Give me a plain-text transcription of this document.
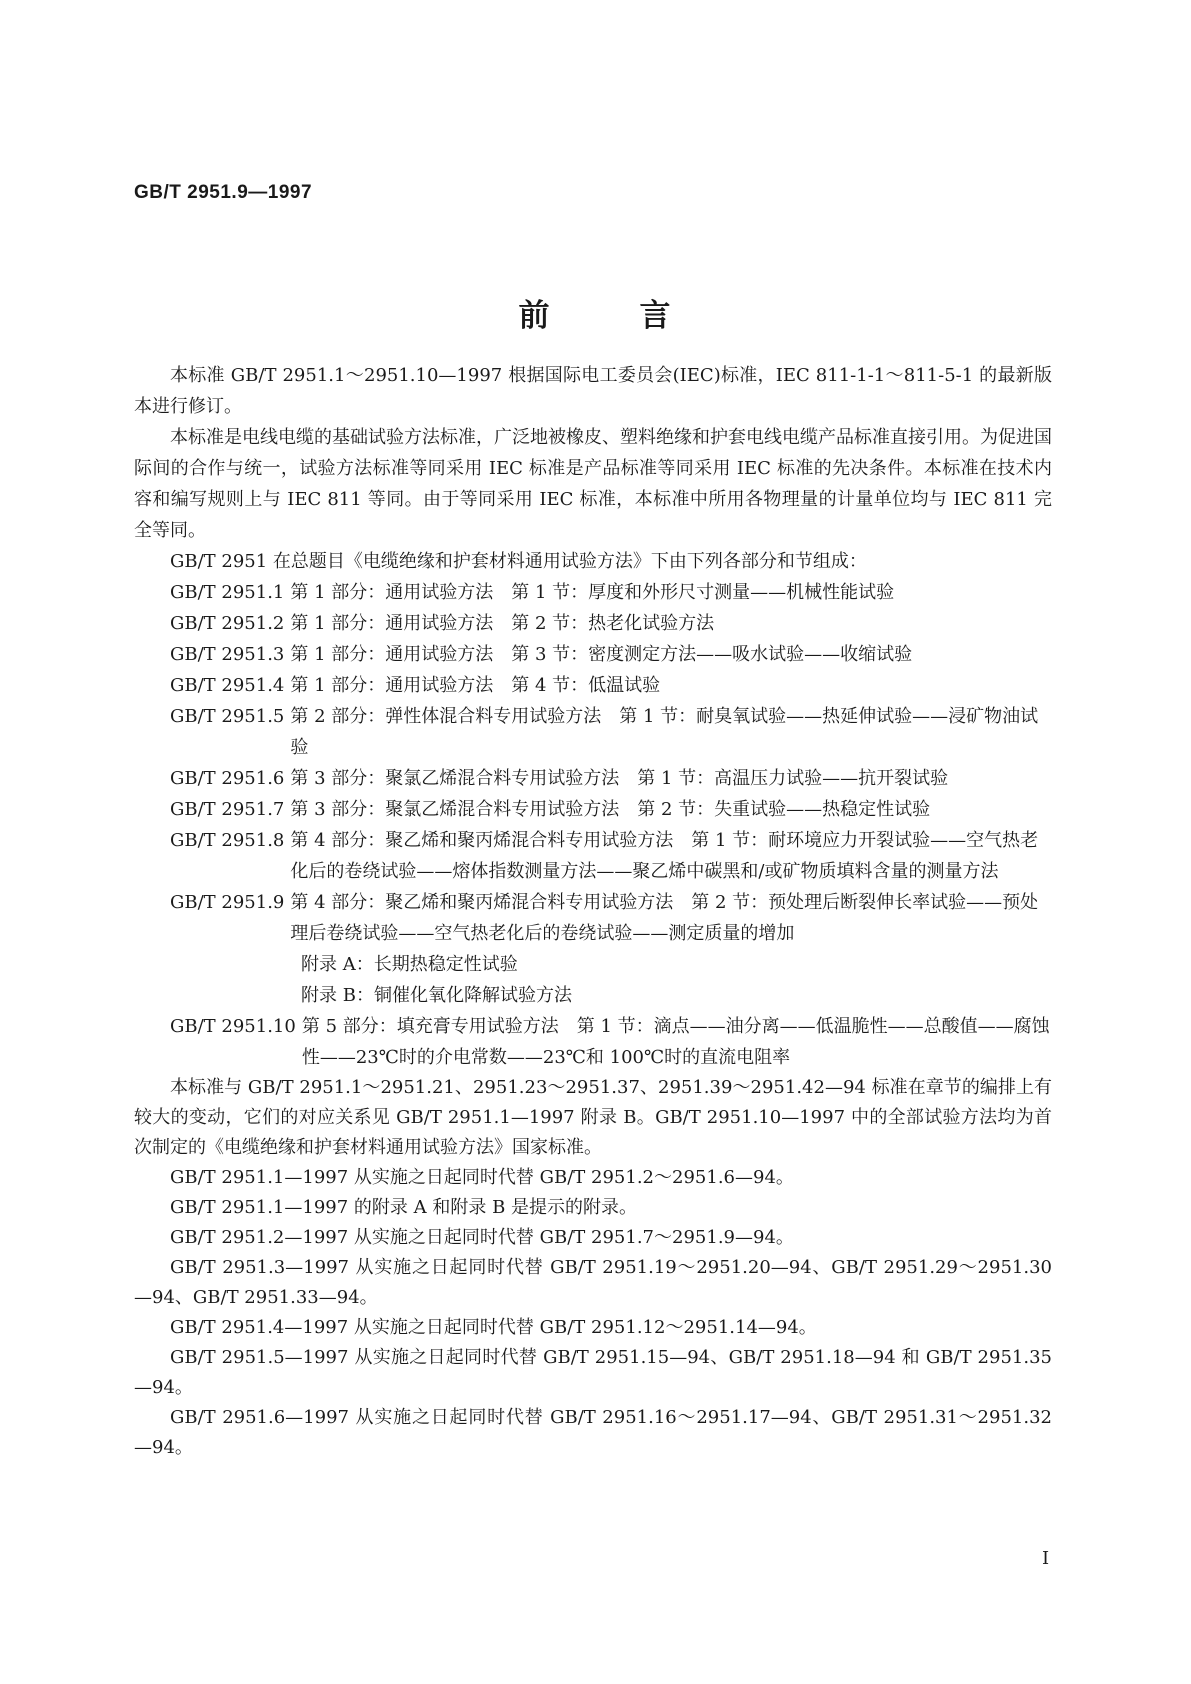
GB/T 2951.9—1997
前	言

本标准 GB/T 2951.1～2951.10—1997 根据国际电工委员会(IEC)标准，IEC 811-1-1～811-5-1 的最新版本进行修订。

本标准是电线电缆的基础试验方法标准，广泛地被橡皮、塑料绝缘和护套电线电缆产品标准直接引用。为促进国际间的合作与统一，试验方法标准等同采用 IEC 标准是产品标准等同采用 IEC 标准的先决条件。本标准在技术内容和编写规则上与 IEC 811 等同。由于等同采用 IEC 标准，本标准中所用各物理量的计量单位均与 IEC 811 完全等同。

GB/T 2951 在总题目《电缆绝缘和护套材料通用试验方法》下由下列各部分和节组成：

GB/T 2951.1 第 1 部分：通用试验方法　第 1 节：厚度和外形尺寸测量——机械性能试验
GB/T 2951.2 第 1 部分：通用试验方法　第 2 节：热老化试验方法
GB/T 2951.3 第 1 部分：通用试验方法　第 3 节：密度测定方法——吸水试验——收缩试验
GB/T 2951.4 第 1 部分：通用试验方法　第 4 节：低温试验
GB/T 2951.5 第 2 部分：弹性体混合料专用试验方法　第 1 节：耐臭氧试验——热延伸试验——浸矿物油试验
GB/T 2951.6 第 3 部分：聚氯乙烯混合料专用试验方法　第 1 节：高温压力试验——抗开裂试验
GB/T 2951.7 第 3 部分：聚氯乙烯混合料专用试验方法　第 2 节：失重试验——热稳定性试验
GB/T 2951.8 第 4 部分：聚乙烯和聚丙烯混合料专用试验方法　第 1 节：耐环境应力开裂试验——空气热老化后的卷绕试验——熔体指数测量方法——聚乙烯中碳黑和/或矿物质填料含量的测量方法
GB/T 2951.9 第 4 部分：聚乙烯和聚丙烯混合料专用试验方法　第 2 节：预处理后断裂伸长率试验——预处理后卷绕试验——空气热老化后的卷绕试验——测定质量的增加
附录 A：长期热稳定性试验
附录 B：铜催化氧化降解试验方法
GB/T 2951.10 第 5 部分：填充膏专用试验方法　第 1 节：滴点——油分离——低温脆性——总酸值——腐蚀性——23℃时的介电常数——23℃和 100℃时的直流电阻率

本标准与 GB/T 2951.1～2951.21、2951.23～2951.37、2951.39～2951.42—94 标准在章节的编排上有较大的变动，它们的对应关系见 GB/T 2951.1—1997 附录 B。GB/T 2951.10—1997 中的全部试验方法均为首次制定的《电缆绝缘和护套材料通用试验方法》国家标准。

GB/T 2951.1—1997 从实施之日起同时代替 GB/T 2951.2～2951.6—94。

GB/T 2951.1—1997 的附录 A 和附录 B 是提示的附录。

GB/T 2951.2—1997 从实施之日起同时代替 GB/T 2951.7～2951.9—94。

GB/T 2951.3—1997 从实施之日起同时代替 GB/T 2951.19～2951.20—94、GB/T 2951.29～2951.30—94、GB/T 2951.33—94。

GB/T 2951.4—1997 从实施之日起同时代替 GB/T 2951.12～2951.14—94。

GB/T 2951.5—1997 从实施之日起同时代替 GB/T 2951.15—94、GB/T 2951.18—94 和 GB/T 2951.35—94。

GB/T 2951.6—1997 从实施之日起同时代替 GB/T 2951.16～2951.17—94、GB/T 2951.31～2951.32—94。

I
